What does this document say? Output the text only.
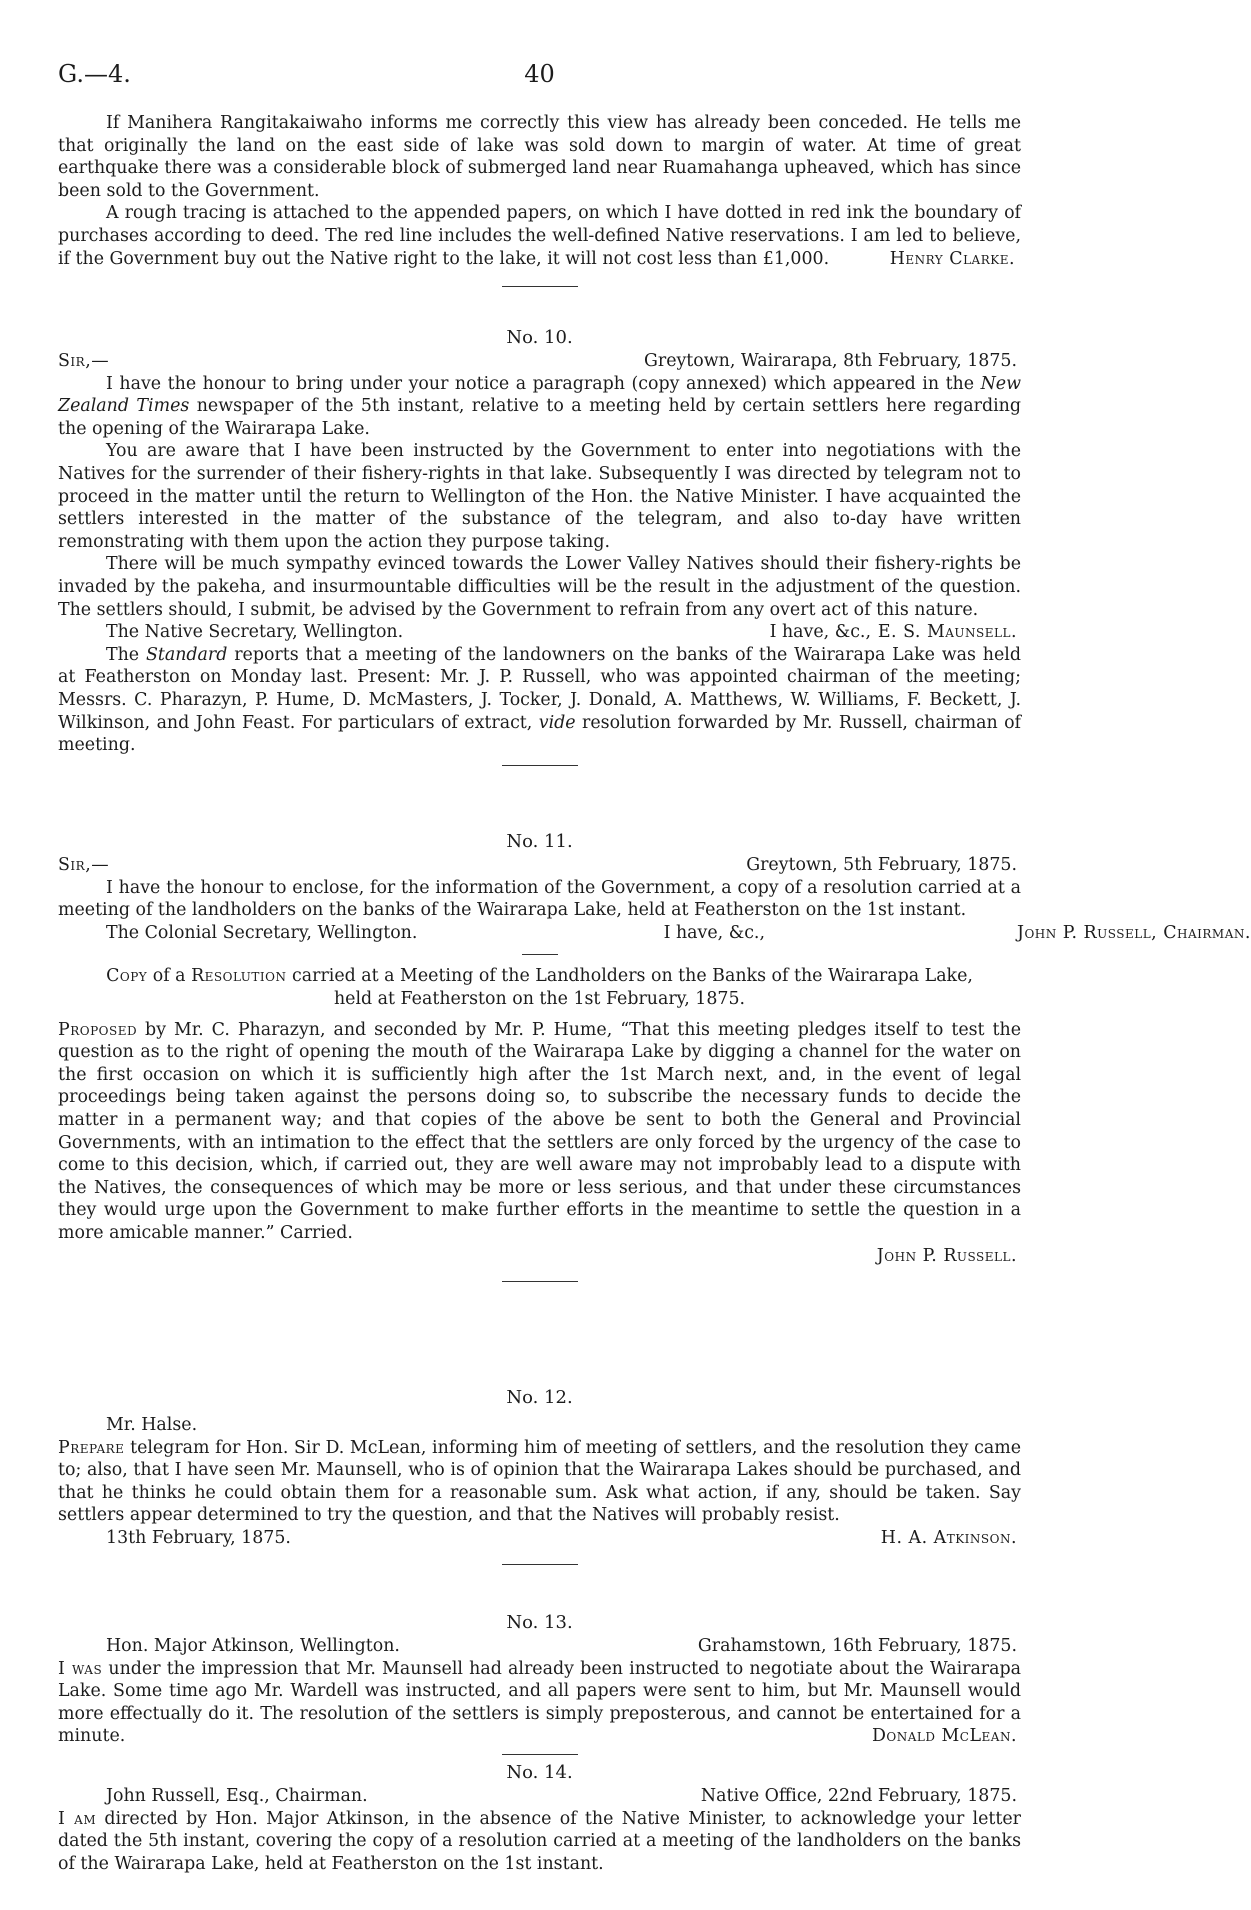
G.—4.	40

If Manihera Rangitakaiwaho informs me correctly this view has already been conceded. He tells me that originally the land on the east side of lake was sold down to margin of water. At time of great earthquake there was a considerable block of submerged land near Ruamahanga upheaved, which has since been sold to the Government.

A rough tracing is attached to the appended papers, on which I have dotted in red ink the boundary of purchases according to deed. The red line includes the well-defined Native reservations. I am led to believe, if the Government buy out the Native right to the lake, it will not cost less than £1,000.	Henry Clarke.

No. 10.

Sir,—	Greytown, Wairarapa, 8th February, 1875.

I have the honour to bring under your notice a paragraph (copy annexed) which appeared in the New Zealand Times newspaper of the 5th instant, relative to a meeting held by certain settlers here regarding the opening of the Wairarapa Lake.

You are aware that I have been instructed by the Government to enter into negotiations with the Natives for the surrender of their fishery-rights in that lake. Subsequently I was directed by telegram not to proceed in the matter until the return to Wellington of the Hon. the Native Minister. I have acquainted the settlers interested in the matter of the substance of the telegram, and also to-day have written remonstrating with them upon the action they purpose taking.

There will be much sympathy evinced towards the Lower Valley Natives should their fishery-rights be invaded by the pakeha, and insurmountable difficulties will be the result in the adjustment of the question. The settlers should, I submit, be advised by the Government to refrain from any overt act of this nature.
I have, &c.,

The Native Secretary, Wellington.	E. S. Maunsell.

The Standard reports that a meeting of the landowners on the banks of the Wairarapa Lake was held at Featherston on Monday last. Present: Mr. J. P. Russell, who was appointed chairman of the meeting; Messrs. C. Pharazyn, P. Hume, D. McMasters, J. Tocker, J. Donald, A. Matthews, W. Williams, F. Beckett, J. Wilkinson, and John Feast. For particulars of extract, vide resolution forwarded by Mr. Russell, chairman of meeting.

No. 11.

Sir,—	Greytown, 5th February, 1875.

I have the honour to enclose, for the information of the Government, a copy of a resolution carried at a meeting of the landholders on the banks of the Wairarapa Lake, held at Featherston on the 1st instant.
I have, &c.,

The Colonial Secretary, Wellington.	John P. Russell, Chairman.

Copy of a Resolution carried at a Meeting of the Landholders on the Banks of the Wairarapa Lake,

held at Featherston on the 1st February, 1875.

Proposed by Mr. C. Pharazyn, and seconded by Mr. P. Hume, “That this meeting pledges itself to test the question as to the right of opening the mouth of the Wairarapa Lake by digging a channel for the water on the first occasion on which it is sufficiently high after the 1st March next, and, in the event of legal proceedings being taken against the persons doing so, to subscribe the necessary funds to decide the matter in a permanent way; and that copies of the above be sent to both the General and Provincial Governments, with an intimation to the effect that the settlers are only forced by the urgency of the case to come to this decision, which, if carried out, they are well aware may not improbably lead to a dispute with the Natives, the consequences of which may be more or less serious, and that under these circumstances they would urge upon the Government to make further efforts in the meantime to settle the question in a more amicable manner.” Carried.

John P. Russell.

No. 12.

Mr. Halse.

Prepare telegram for Hon. Sir D. McLean, informing him of meeting of settlers, and the resolution they came to; also, that I have seen Mr. Maunsell, who is of opinion that the Wairarapa Lakes should be purchased, and that he thinks he could obtain them for a reasonable sum. Ask what action, if any, should be taken. Say settlers appear determined to try the question, and that the Natives will probably resist.

13th February, 1875.	H. A. Atkinson.

No. 13.

Hon. Major Atkinson, Wellington.	Grahamstown, 16th February, 1875.

I was under the impression that Mr. Maunsell had already been instructed to negotiate about the Wairarapa Lake. Some time ago Mr. Wardell was instructed, and all papers were sent to him, but Mr. Maunsell would more effectually do it. The resolution of the settlers is simply preposterous, and cannot be entertained for a minute.	Donald McLean.

No. 14.

John Russell, Esq., Chairman.	Native Office, 22nd February, 1875.

I am directed by Hon. Major Atkinson, in the absence of the Native Minister, to acknowledge your letter dated the 5th instant, covering the copy of a resolution carried at a meeting of the landholders on the banks of the Wairarapa Lake, held at Featherston on the 1st instant.
